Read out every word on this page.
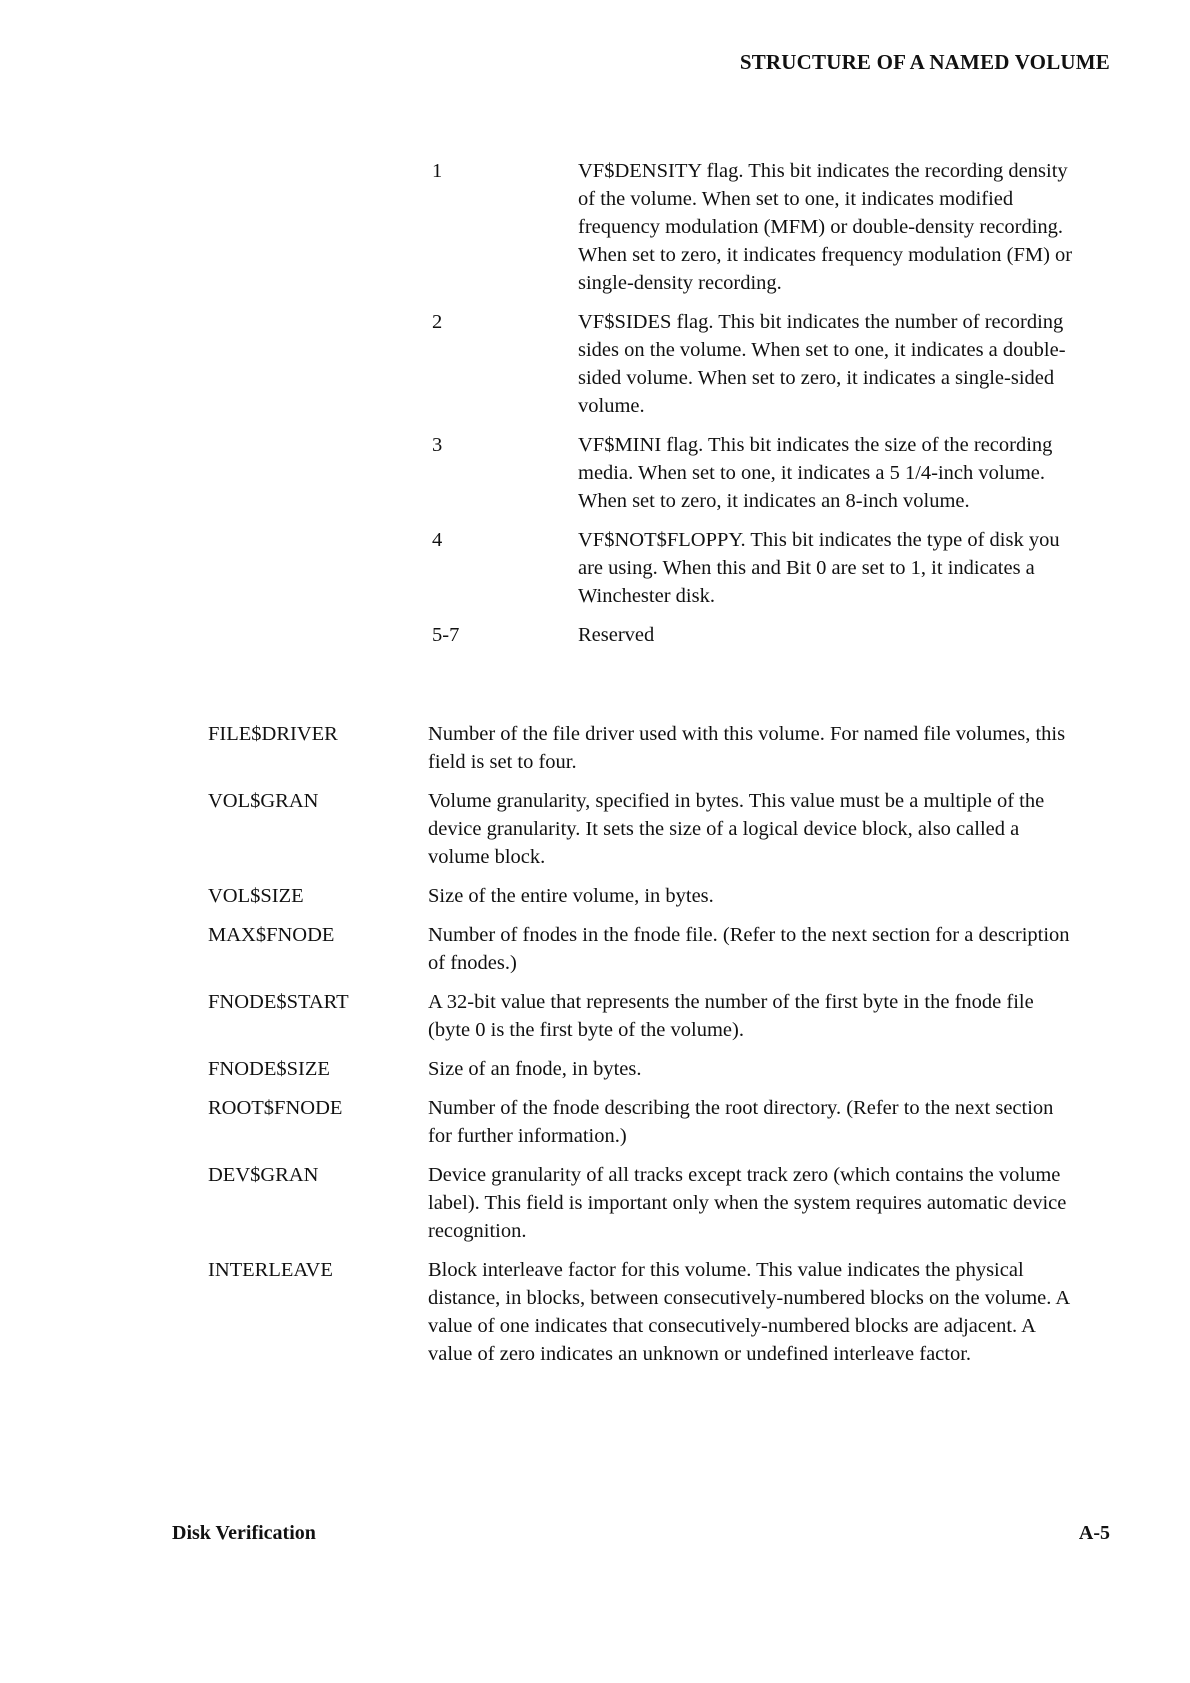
STRUCTURE OF A NAMED VOLUME
1	VF$DENSITY flag. This bit indicates the recording density of the volume. When set to one, it indicates modified frequency modulation (MFM) or double-density recording. When set to zero, it indicates frequency modulation (FM) or single-density recording.
2	VF$SIDES flag. This bit indicates the number of recording sides on the volume. When set to one, it indicates a double-sided volume. When set to zero, it indicates a single-sided volume.
3	VF$MINI flag. This bit indicates the size of the recording media. When set to one, it indicates a 5 1/4-inch volume. When set to zero, it indicates an 8-inch volume.
4	VF$NOT$FLOPPY. This bit indicates the type of disk you are using. When this and Bit 0 are set to 1, it indicates a Winchester disk.
5-7	Reserved
FILE$DRIVER	Number of the file driver used with this volume. For named file volumes, this field is set to four.
VOL$GRAN	Volume granularity, specified in bytes. This value must be a multiple of the device granularity. It sets the size of a logical device block, also called a volume block.
VOL$SIZE	Size of the entire volume, in bytes.
MAX$FNODE	Number of fnodes in the fnode file. (Refer to the next section for a description of fnodes.)
FNODE$START	A 32-bit value that represents the number of the first byte in the fnode file (byte 0 is the first byte of the volume).
FNODE$SIZE	Size of an fnode, in bytes.
ROOT$FNODE	Number of the fnode describing the root directory. (Refer to the next section for further information.)
DEV$GRAN	Device granularity of all tracks except track zero (which contains the volume label). This field is important only when the system requires automatic device recognition.
INTERLEAVE	Block interleave factor for this volume. This value indicates the physical distance, in blocks, between consecutively-numbered blocks on the volume. A value of one indicates that consecutively-numbered blocks are adjacent. A value of zero indicates an unknown or undefined interleave factor.
Disk Verification	A-5
